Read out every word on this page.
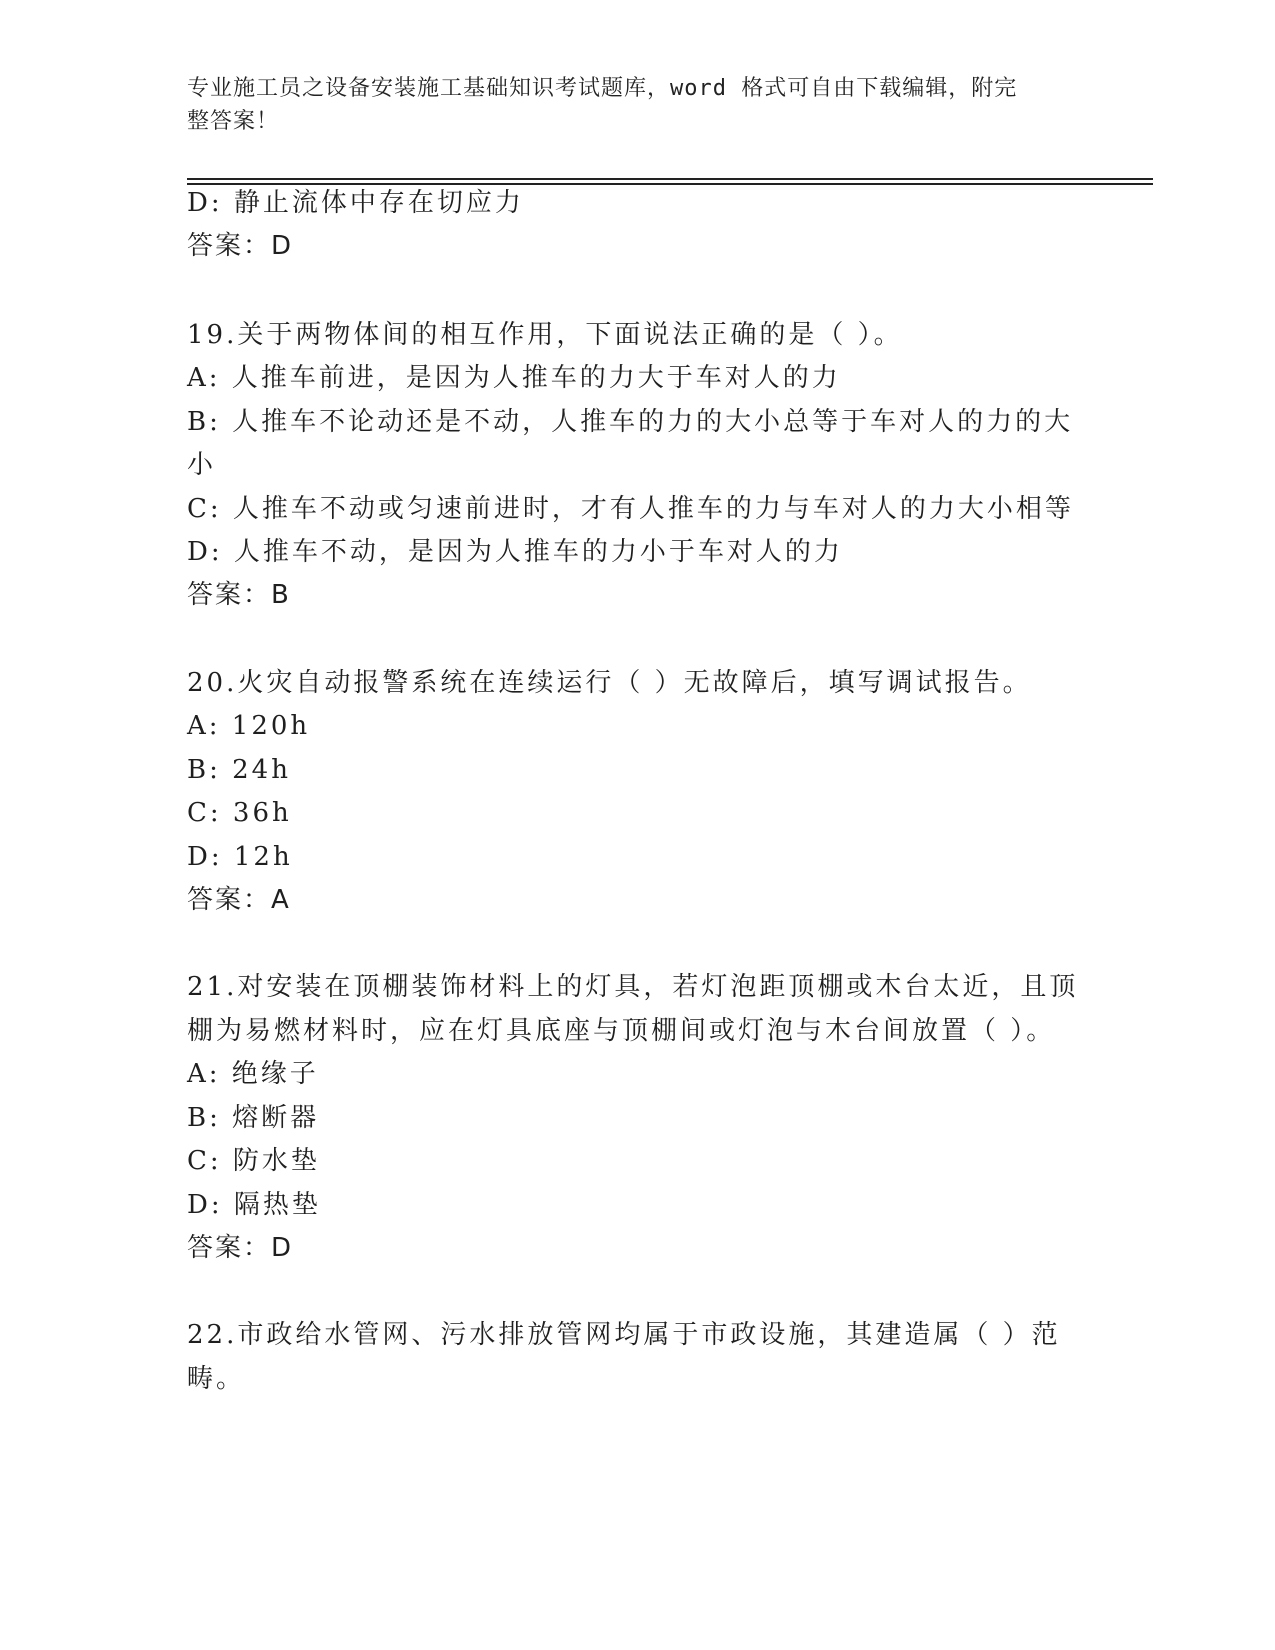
专业施工员之设备安装施工基础知识考试题库，word 格式可自由下载编辑，附完
整答案！
D: 静止流体中存在切应力
答案：D
19.关于两物体间的相互作用，下面说法正确的是（ ）。
A: 人推车前进，是因为人推车的力大于车对人的力
B: 人推车不论动还是不动，人推车的力的大小总等于车对人的力的大
小
C: 人推车不动或匀速前进时，才有人推车的力与车对人的力大小相等
D: 人推车不动，是因为人推车的力小于车对人的力
答案：B
20.火灾自动报警系统在连续运行（ ）无故障后，填写调试报告。
A: 120h
B: 24h
C: 36h
D: 12h
答案：A
21.对安装在顶棚装饰材料上的灯具，若灯泡距顶棚或木台太近，且顶
棚为易燃材料时，应在灯具底座与顶棚间或灯泡与木台间放置（ ）。
A: 绝缘子
B: 熔断器
C: 防水垫
D: 隔热垫
答案：D
22.市政给水管网、污水排放管网均属于市政设施，其建造属（ ）范
畴。
